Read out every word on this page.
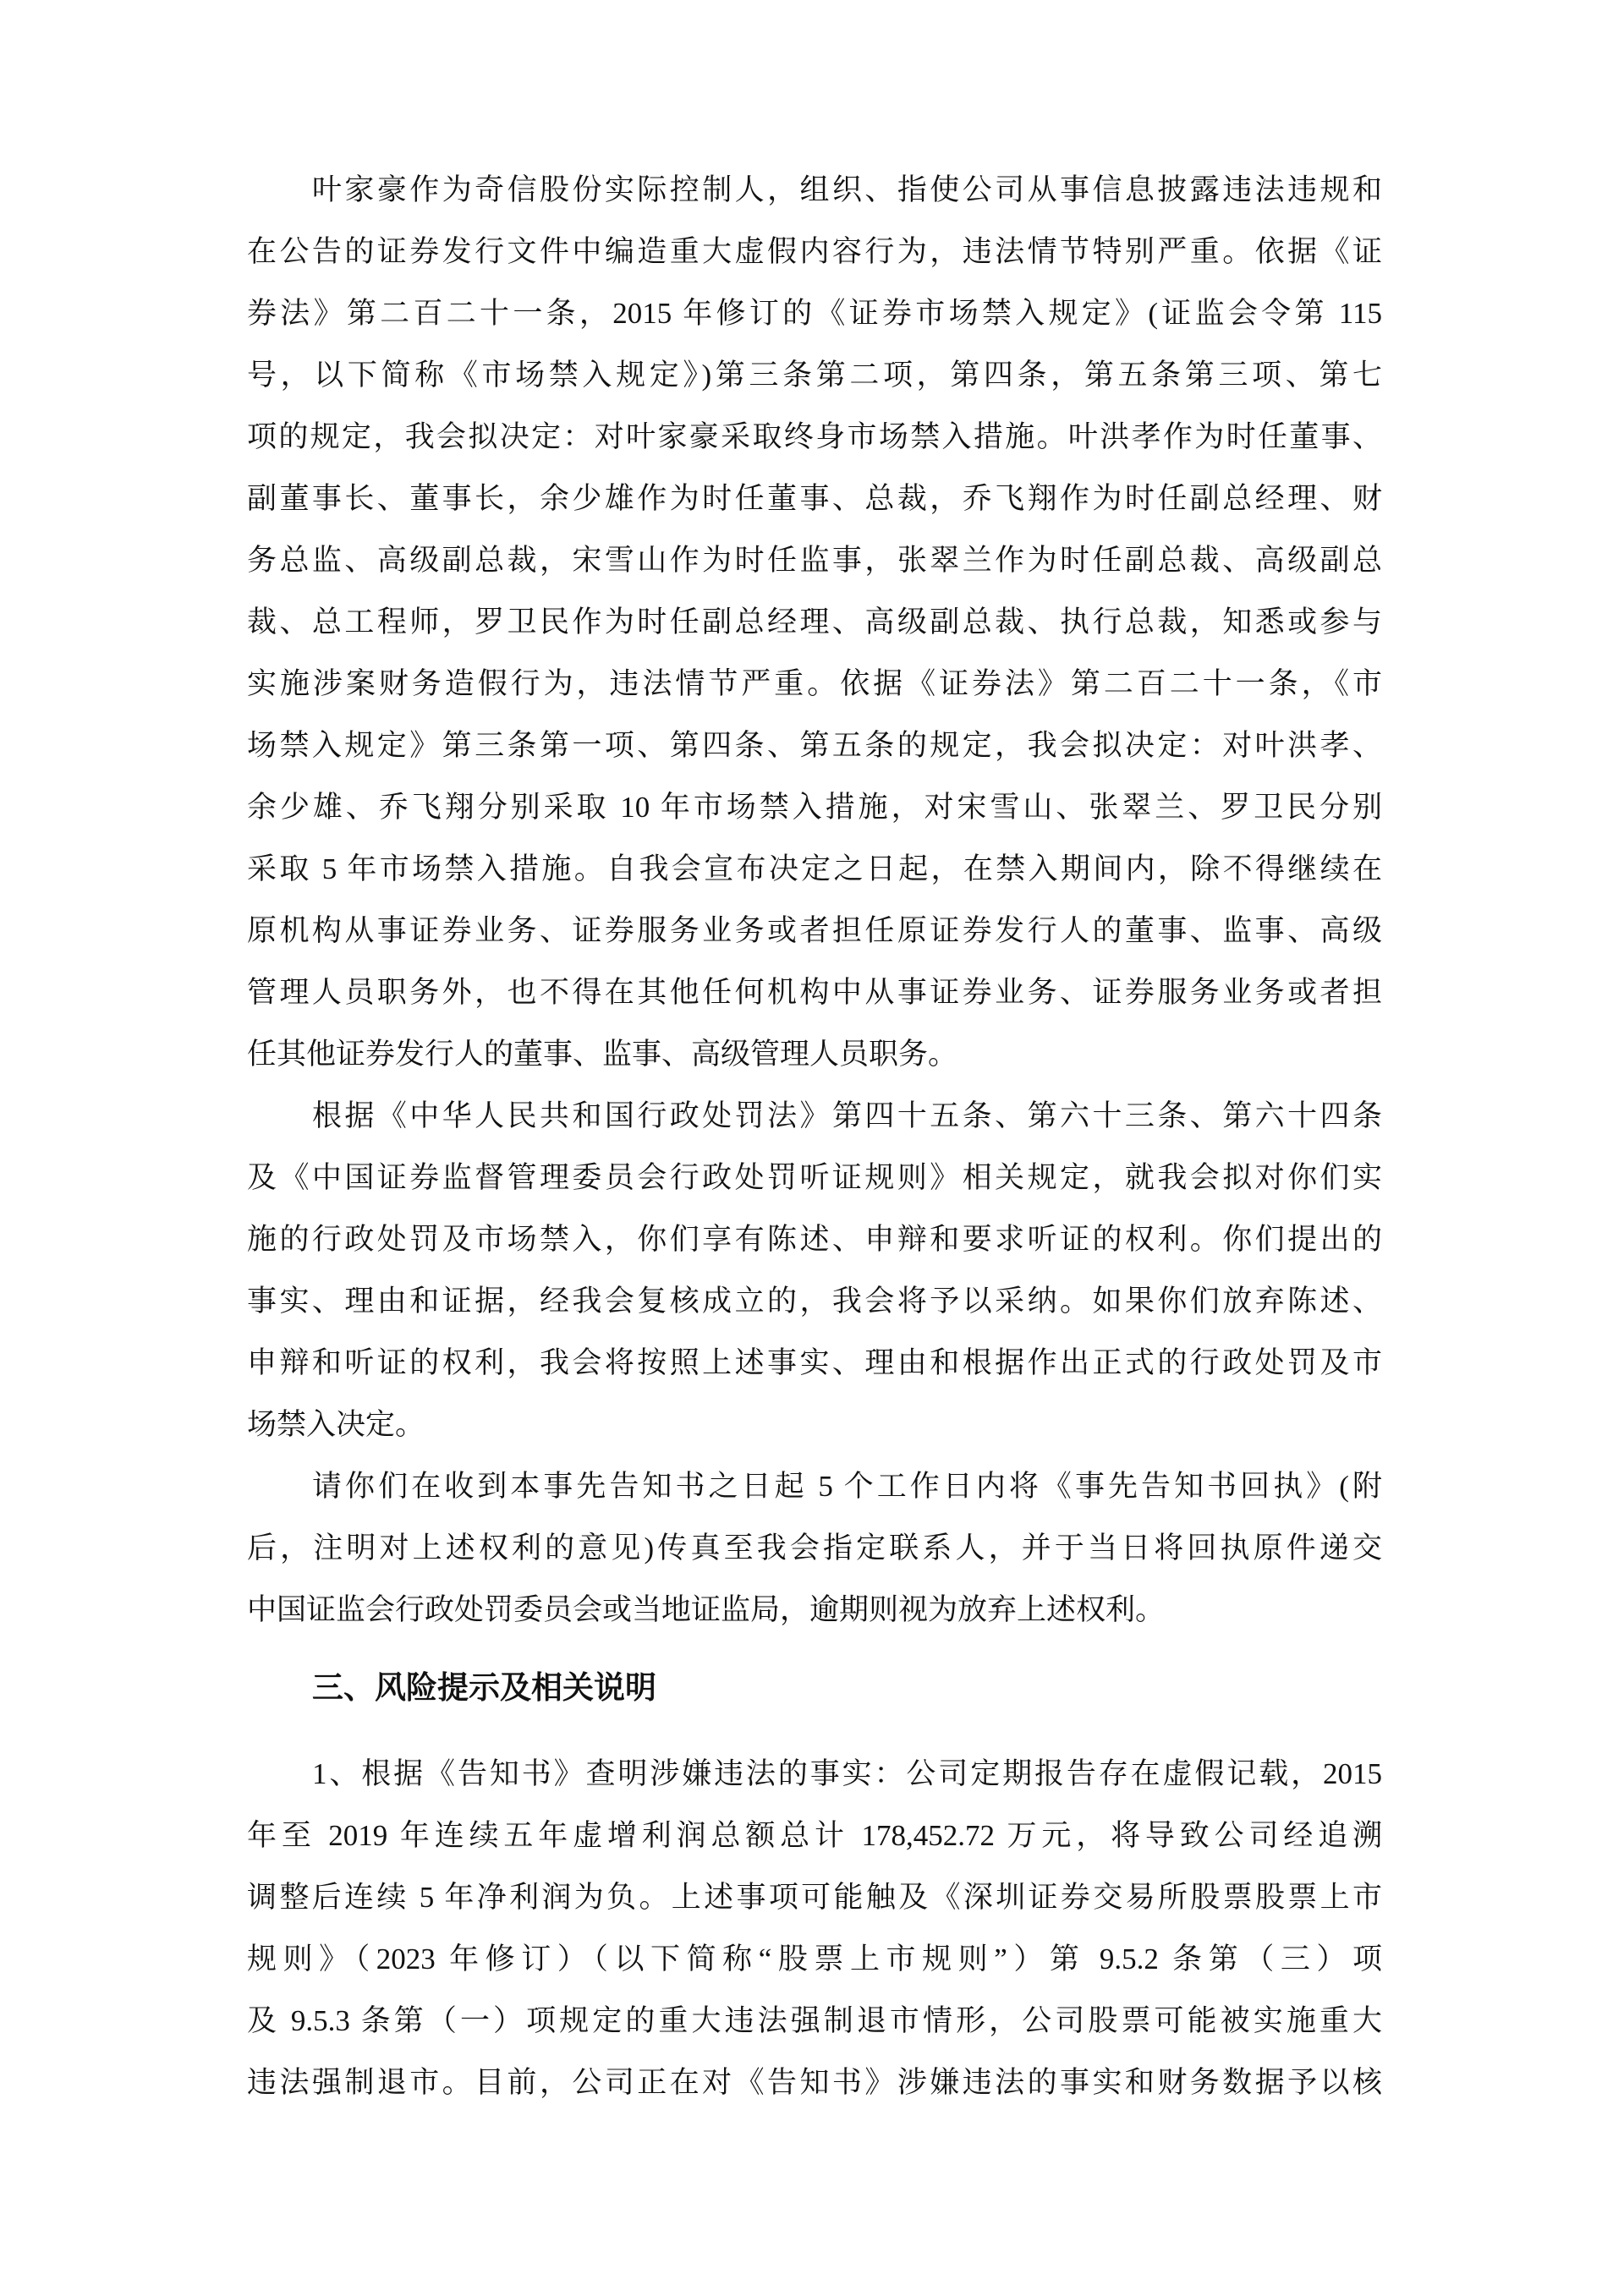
叶家豪作为奇信股份实际控制人，组织、指使公司从事信息披露违法违规和
在公告的证券发行文件中编造重大虚假内容行为，违法情节特别严重。依据《证
券法》第二百二十一条，2015 年修订的《证券市场禁入规定》(证监会令第 115
号，以下简称《市场禁入规定》)第三条第二项，第四条，第五条第三项、第七
项的规定，我会拟决定：对叶家豪采取终身市场禁入措施。叶洪孝作为时任董事、
副董事长、董事长，余少雄作为时任董事、总裁，乔飞翔作为时任副总经理、财
务总监、高级副总裁，宋雪山作为时任监事，张翠兰作为时任副总裁、高级副总
裁、总工程师，罗卫民作为时任副总经理、高级副总裁、执行总裁，知悉或参与
实施涉案财务造假行为，违法情节严重。依据《证券法》第二百二十一条，《市
场禁入规定》第三条第一项、第四条、第五条的规定，我会拟决定：对叶洪孝、
余少雄、乔飞翔分别采取 10 年市场禁入措施，对宋雪山、张翠兰、罗卫民分别
采取 5 年市场禁入措施。自我会宣布决定之日起，在禁入期间内，除不得继续在
原机构从事证券业务、证券服务业务或者担任原证券发行人的董事、监事、高级
管理人员职务外，也不得在其他任何机构中从事证券业务、证券服务业务或者担
任其他证券发行人的董事、监事、高级管理人员职务。
根据《中华人民共和国行政处罚法》第四十五条、第六十三条、第六十四条
及《中国证券监督管理委员会行政处罚听证规则》相关规定，就我会拟对你们实
施的行政处罚及市场禁入，你们享有陈述、申辩和要求听证的权利。你们提出的
事实、理由和证据，经我会复核成立的，我会将予以采纳。如果你们放弃陈述、
申辩和听证的权利，我会将按照上述事实、理由和根据作出正式的行政处罚及市
场禁入决定。
请你们在收到本事先告知书之日起 5 个工作日内将《事先告知书回执》(附
后，注明对上述权利的意见)传真至我会指定联系人，并于当日将回执原件递交
中国证监会行政处罚委员会或当地证监局，逾期则视为放弃上述权利。
三、风险提示及相关说明
1、根据《告知书》查明涉嫌违法的事实：公司定期报告存在虚假记载，2015
年至 2019 年连续五年虚增利润总额总计 178,452.72 万元，将导致公司经追溯
调整后连续 5 年净利润为负。上述事项可能触及《深圳证券交易所股票股票上市
规则》（2023 年修订）（以下简称“股票上市规则”）第 9.5.2 条第（三）项
及 9.5.3 条第（一）项规定的重大违法强制退市情形，公司股票可能被实施重大
违法强制退市。目前，公司正在对《告知书》涉嫌违法的事实和财务数据予以核
